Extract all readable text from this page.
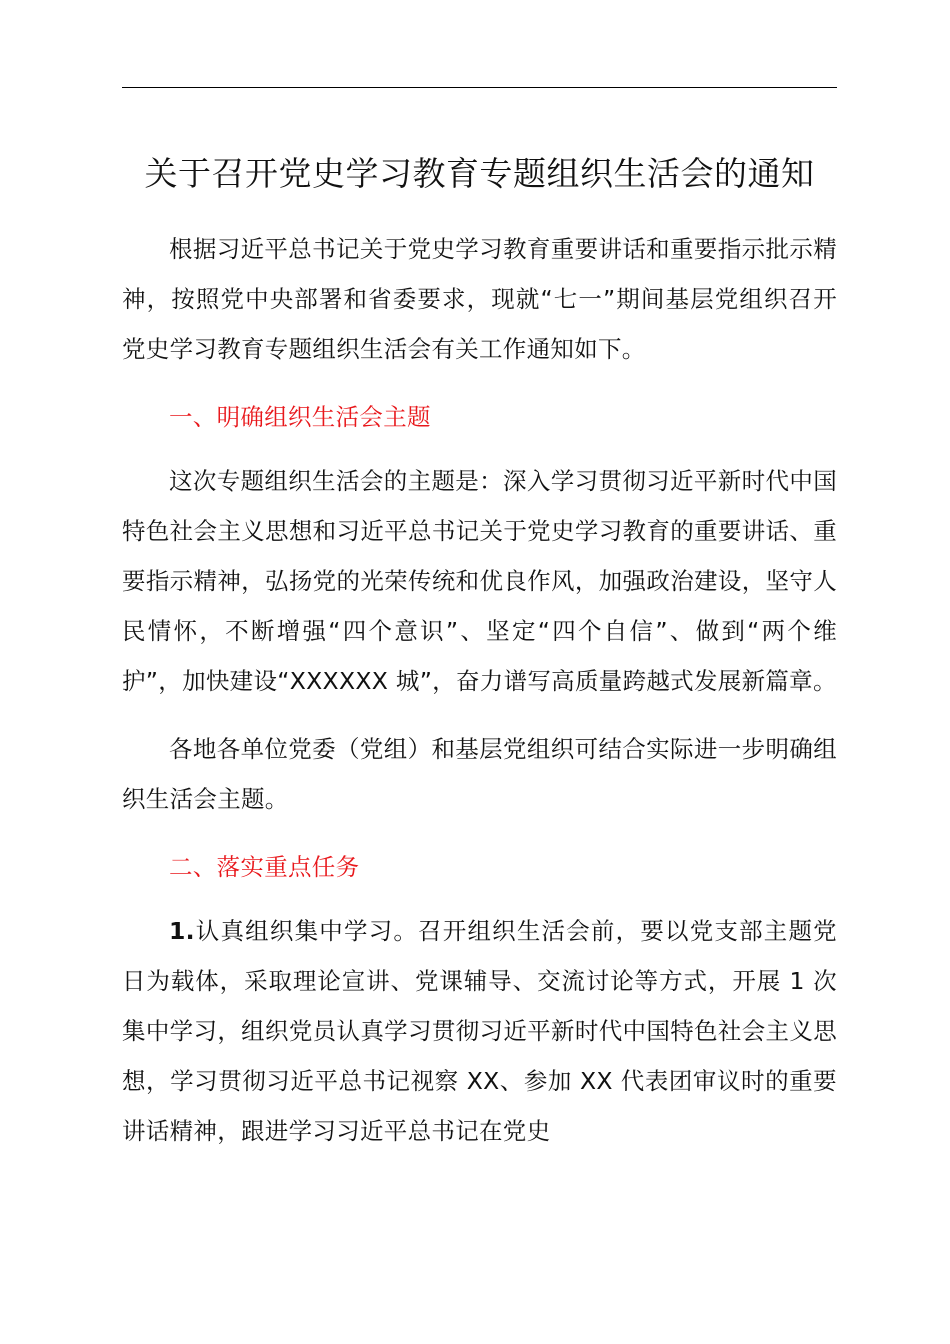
关于召开党史学习教育专题组织生活会的通知

根据习近平总书记关于党史学习教育重要讲话和重要指示批示精神，按照党中央部署和省委要求，现就“七一”期间基层党组织召开党史学习教育专题组织生活会有关工作通知如下。

一、明确组织生活会主题

这次专题组织生活会的主题是：深入学习贯彻习近平新时代中国特色社会主义思想和习近平总书记关于党史学习教育的重要讲话、重要指示精神，弘扬党的光荣传统和优良作风，加强政治建设，坚守人民情怀，不断增强“四个意识”、坚定“四个自信”、做到“两个维护”，加快建设“XXXXXX 城”，奋力谱写高质量跨越式发展新篇章。

各地各单位党委（党组）和基层党组织可结合实际进一步明确组织生活会主题。

二、落实重点任务

1.认真组织集中学习。召开组织生活会前，要以党支部主题党日为载体，采取理论宣讲、党课辅导、交流讨论等方式，开展 1 次集中学习，组织党员认真学习贯彻习近平新时代中国特色社会主义思想，学习贯彻习近平总书记视察 XX、参加 XX 代表团审议时的重要讲话精神，跟进学习习近平总书记在党史
